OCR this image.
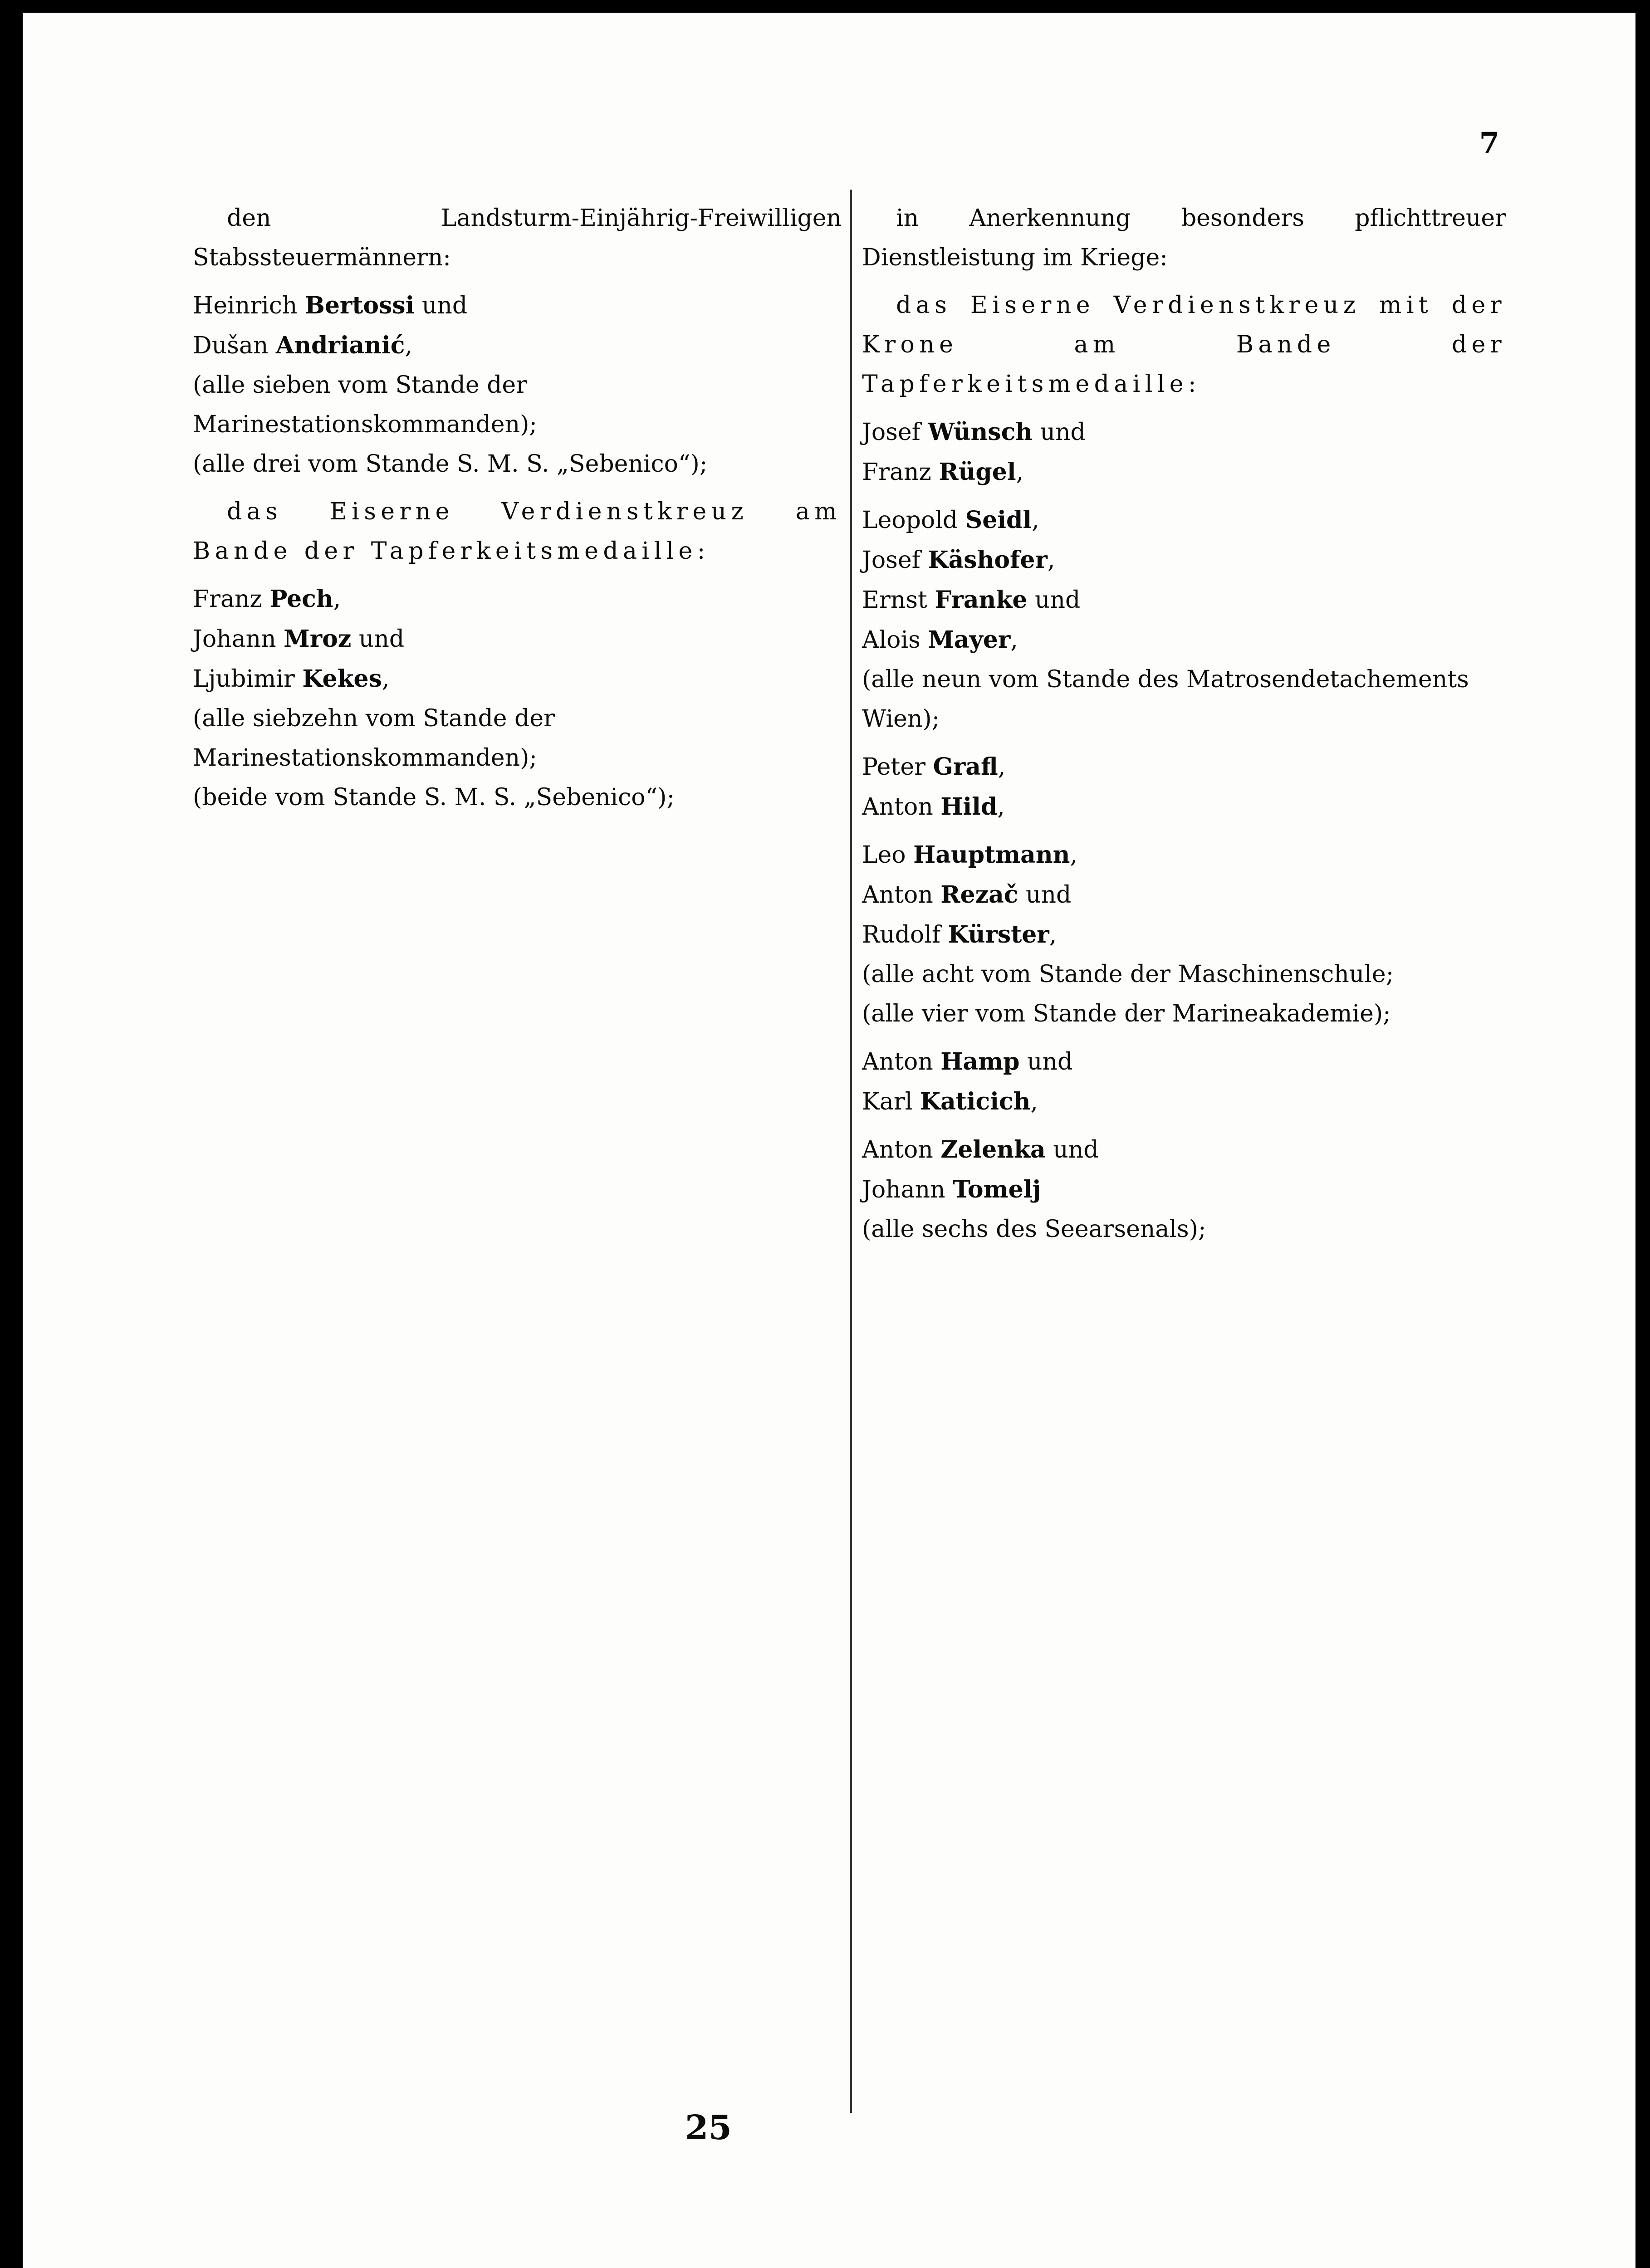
7

den Landsturm-Einjährig-Freiwilligen Stabssteuermännern:

Heinrich Bertossi und
Dušan Andrianić,

(alle sieben vom Stande der Marinestationskommanden);

(alle drei vom Stande S. M. S. „Sebenico“);

das Eiserne Verdienstkreuz am Bande der Tapferkeitsmedaille:

Franz Pech,
Johann Mroz und
Ljubimir Kekes,

(alle siebzehn vom Stande der Marinestationskommanden);

(beide vom Stande S. M. S. „Sebenico“);

in Anerkennung besonders pflichttreuer Dienstleistung im Kriege:

das Eiserne Verdienstkreuz mit der Krone am Bande der Tapferkeitsmedaille:

Josef Wünsch und
Franz Rügel,

Leopold Seidl,
Josef Käshofer,
Ernst Franke und
Alois Mayer,

(alle neun vom Stande des Matrosendetachements Wien);

Peter Grafl,
Anton Hild,

Leo Hauptmann,
Anton Rezač und
Rudolf Kürster,

(alle acht vom Stande der Maschinenschule;

(alle vier vom Stande der Marineakademie);

Anton Hamp und
Karl Katicich,

Anton Zelenka und
Johann Tomelj
(alle sechs des Seearsenals);

25
